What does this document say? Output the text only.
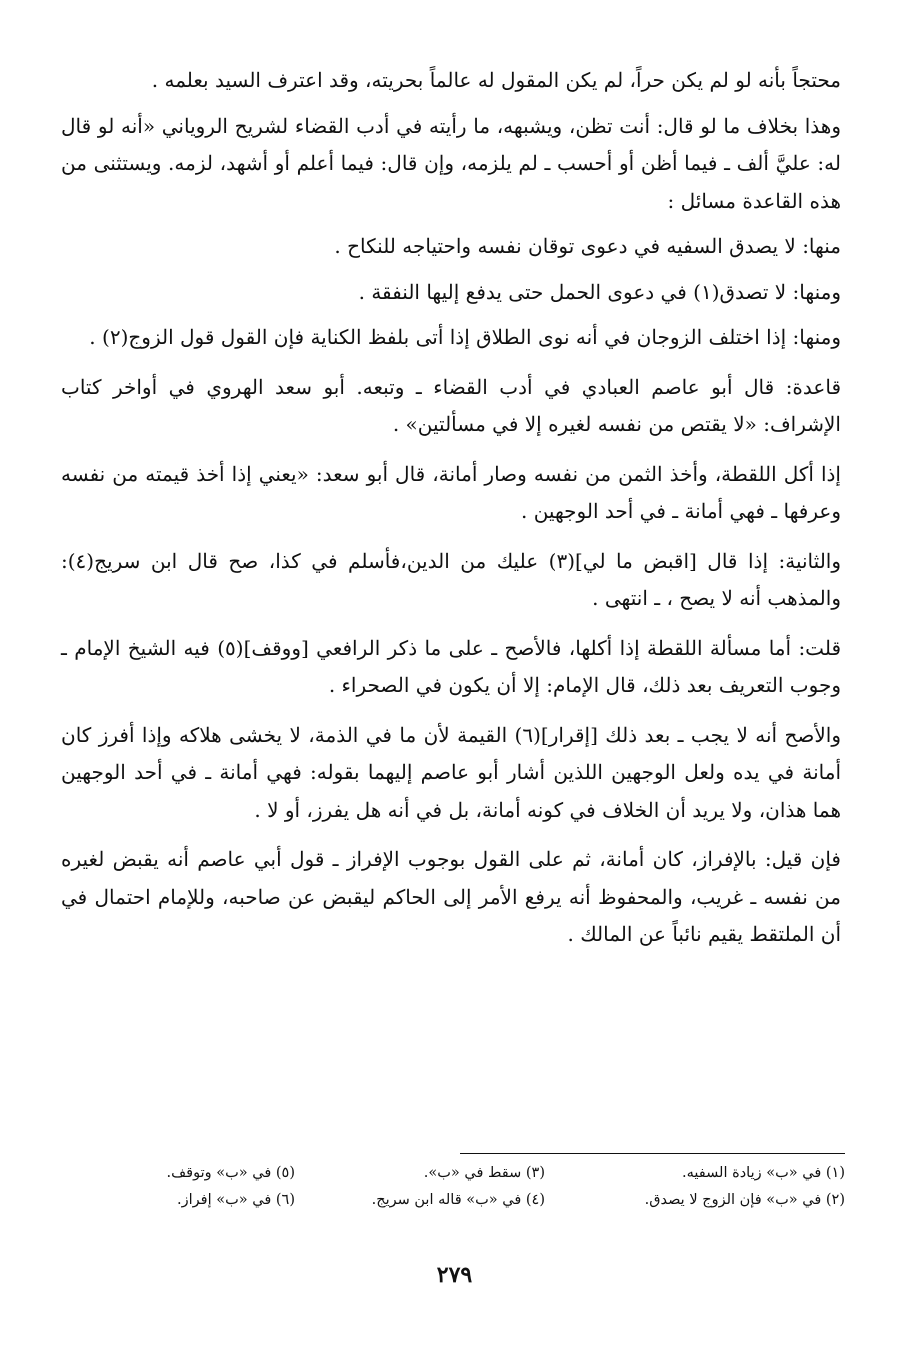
محتجاً بأنه لو لم يكن حراً، لم يكن المقول له عالماً بحريته، وقد اعترف السيد بعلمه .

وهذا بخلاف ما لو قال: أنت تظن، ويشبهه، ما رأيته في أدب القضاء لشريح الروياني «أنه لو قال له: عليَّ ألف ـ فيما أظن أو أحسب ـ لم يلزمه، وإن قال: فيما أعلم أو أشهد، لزمه. ويستثنى من هذه القاعدة مسائل :

منها: لا يصدق السفيه في دعوى توقان نفسه واحتياجه للنكاح .

ومنها: لا تصدق(١) في دعوى الحمل حتى يدفع إليها النفقة .

ومنها: إذا اختلف الزوجان في أنه نوى الطلاق إذا أتى بلفظ الكناية فإن القول قول الزوج(٢) .

قاعدة: قال أبو عاصم العبادي في أدب القضاء ـ وتبعه. أبو سعد الهروي في أواخر كتاب الإشراف: «لا يقتص من نفسه لغيره إلا في مسألتين» .

إذا أكل اللقطة، وأخذ الثمن من نفسه وصار أمانة، قال أبو سعد: «يعني إذا أخذ قيمته من نفسه وعرفها ـ فهي أمانة ـ في أحد الوجهين .

والثانية: إذا قال [اقبض ما لي](٣) عليك من الدين،فأسلم في كذا، صح قال ابن سريج(٤): والمذهب أنه لا يصح ، ـ انتهى .

قلت: أما مسألة اللقطة إذا أكلها، فالأصح ـ على ما ذكر الرافعي [ووقف](٥) فيه الشيخ الإمام ـ وجوب التعريف بعد ذلك، قال الإمام: إلا أن يكون في الصحراء .

والأصح أنه لا يجب ـ بعد ذلك [إقرار](٦) القيمة لأن ما في الذمة، لا يخشى هلاكه وإذا أفرز كان أمانة في يده ولعل الوجهين اللذين أشار أبو عاصم إليهما بقوله: فهي أمانة ـ في أحد الوجهين هما هذان، ولا يريد أن الخلاف في كونه أمانة، بل في أنه هل يفرز، أو لا .

فإن قيل: بالإفراز، كان أمانة، ثم على القول بوجوب الإفراز ـ قول أبي عاصم أنه يقبض لغيره من نفسه ـ غريب، والمحفوظ أنه يرفع الأمر إلى الحاكم ليقبض عن صاحبه، وللإمام احتمال في أن الملتقط يقيم نائباً عن المالك .

(١) في «ب» زيادة السفيه.
(٣) سقط في «ب».
(٥) في «ب» وتوقف.
(٢) في «ب» فإن الزوج لا يصدق.
(٤) في «ب» قاله ابن سريج.
(٦) في «ب» إفراز.
٢٧٩
